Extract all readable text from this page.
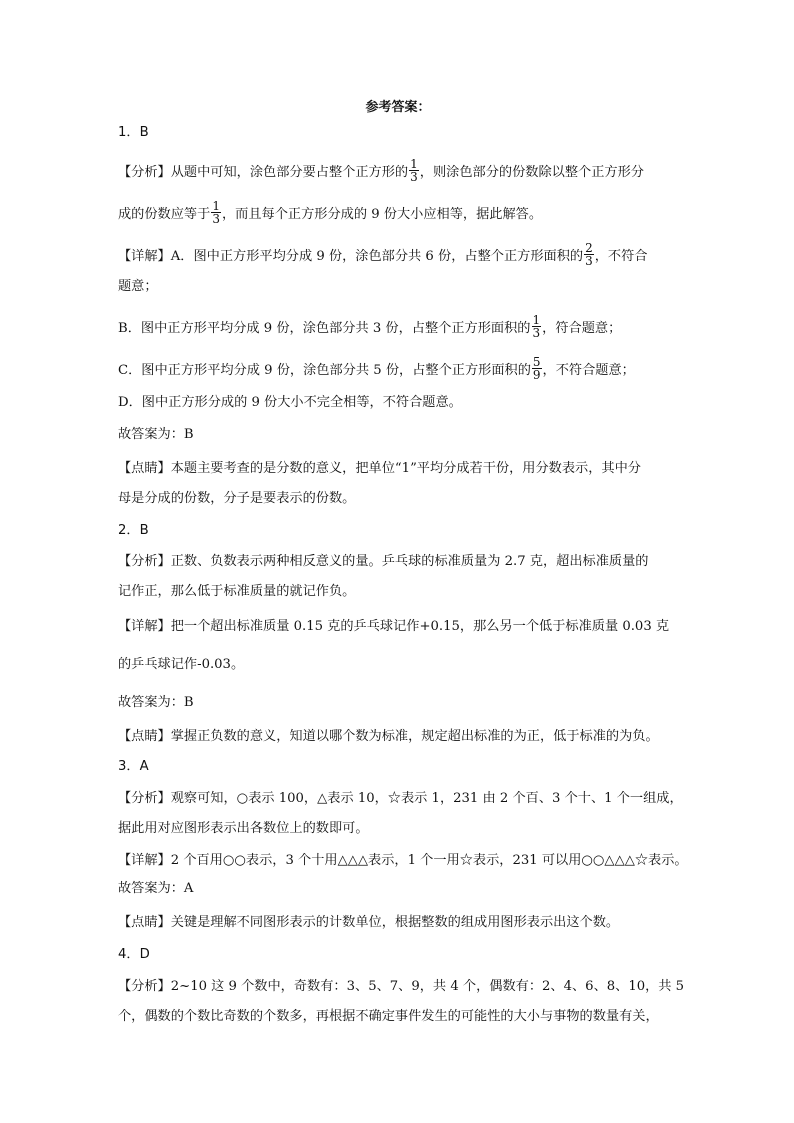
参考答案：
1．B
【分析】从题中可知，涂色部分要占整个正方形的 $\frac{1}{3}$ ，则涂色部分的份数除以整个正方形分
成的份数应等于 $\frac{1}{3}$ ，而且每个正方形分成的 9 份大小应相等，据此解答。
【详解】A．图中正方形平均分成 9 份，涂色部分共 6 份，占整个正方形面积的 $\frac{2}{3}$ ，不符合
题意；
B．图中正方形平均分成 9 份，涂色部分共 3 份，占整个正方形面积的 $\frac{1}{3}$ ，符合题意；
C．图中正方形平均分成 9 份，涂色部分共 5 份，占整个正方形面积的 $\frac{5}{9}$ ，不符合题意；
D．图中正方形分成的 9 份大小不完全相等，不符合题意。
故答案为：B
【点睛】本题主要考查的是分数的意义，把单位“1”平均分成若干份，用分数表示，其中分
母是分成的份数，分子是要表示的份数。
2．B
【分析】正数、负数表示两种相反意义的量。乒乓球的标准质量为 2.7 克，超出标准质量的
记作正，那么低于标准质量的就记作负。
【详解】把一个超出标准质量 0.15 克的乒乓球记作+0.15，那么另一个低于标准质量 0.03 克
的乒乓球记作-0.03。
故答案为：B
【点睛】掌握正负数的意义，知道以哪个数为标准，规定超出标准的为正，低于标准的为负。
3．A
【分析】观察可知，○表示 100，△表示 10，☆表示 1，231 由 2 个百、3 个十、1 个一组成，
据此用对应图形表示出各数位上的数即可。
【详解】2 个百用○○表示，3 个十用△△△表示，1 个一用☆表示，231 可以用○○△△△☆表示。
故答案为：A
【点睛】关键是理解不同图形表示的计数单位，根据整数的组成用图形表示出这个数。
4．D
【分析】2~10 这 9 个数中，奇数有：3、5、7、9，共 4 个，偶数有：2、4、6、8、10，共 5
个，偶数的个数比奇数的个数多，再根据不确定事件发生的可能性的大小与事物的数量有关，
